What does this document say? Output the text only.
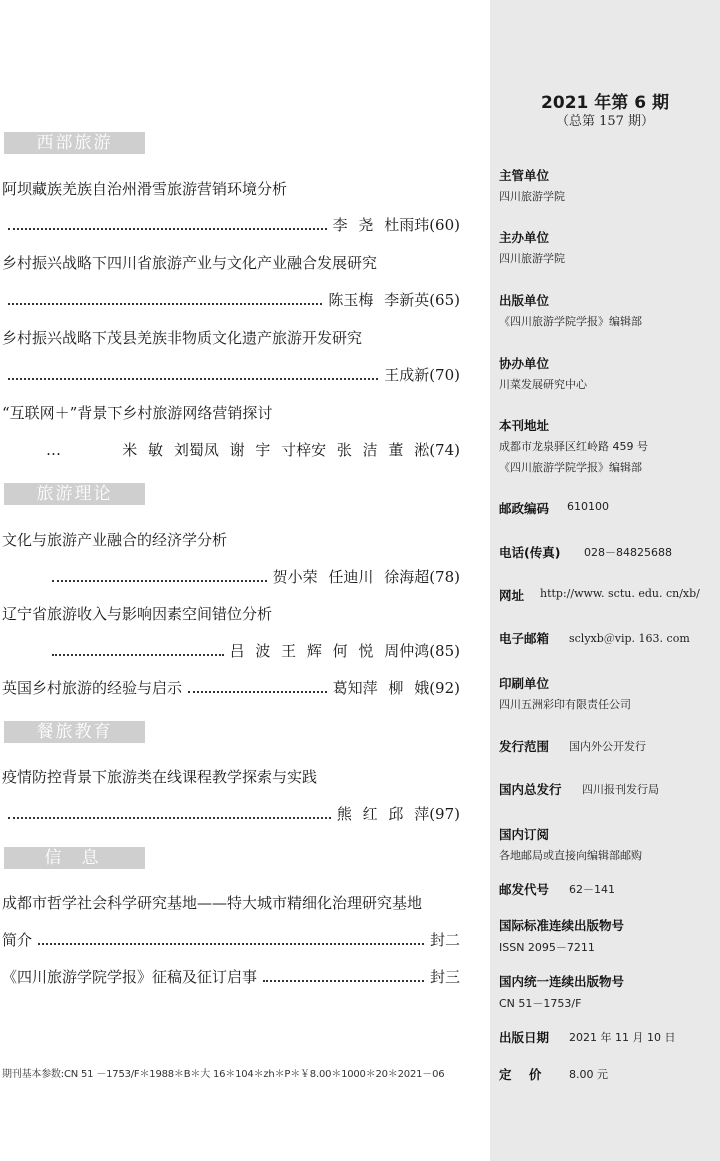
西部旅游
阿坝藏族羌族自治州滑雪旅游营销环境分析
李 尧 杜雨玮 (60)
乡村振兴战略下四川省旅游产业与文化产业融合发展研究
陈玉梅 李新英 (65)
乡村振兴战略下茂县羌族非物质文化遗产旅游开发研究
王成新 (70)
“互联网＋”背景下乡村旅游网络营销探讨
…	米 敏 刘蜀凤 谢 宇 寸梓安 张 洁 董 淞 (74)
旅游理论
文化与旅游产业融合的经济学分析
贺小荣 任迪川 徐海超 (78)
辽宁省旅游收入与影响因素空间错位分析
吕 波 王 辉 何 悦 周仲鸿 (85)
英国乡村旅游的经验与启示	葛知萍 柳 娥 (92)
餐旅教育
疫情防控背景下旅游类在线课程教学探索与实践
熊 红 邱 萍 (97)
信息
成都市哲学社会科学研究基地——特大城市精细化治理研究基地
简介	封二
《四川旅游学院学报》征稿及征订启事	封三
期刊基本参数:CN 51 －1753/F＊1988＊B＊大 16＊104＊zh＊P＊￥8.00＊1000＊20＊2021－06
2021 年第 6 期
（总第 157 期）
主管单位
四川旅游学院
主办单位
四川旅游学院
出版单位
《四川旅游学院学报》编辑部
协办单位
川菜发展研究中心
本刊地址
成都市龙泉驿区红岭路 459 号
《四川旅游学院学报》编辑部
邮政编码 610100
电话(传真) 028－84825688
网址 http://www. sctu. edu. cn/xb/
电子邮箱 sclyxb＠vip. 163. com
印刷单位
四川五洲彩印有限责任公司
发行范围 国内外公开发行
国内总发行 四川报刊发行局
国内订阅
各地邮局或直接向编辑部邮购
邮发代号 62－141
国际标准连续出版物号
ISSN 2095－7211
国内统一连续出版物号
CN 51－1753/F
出版日期 2021 年 11 月 10 日
定    价	8.00 元
